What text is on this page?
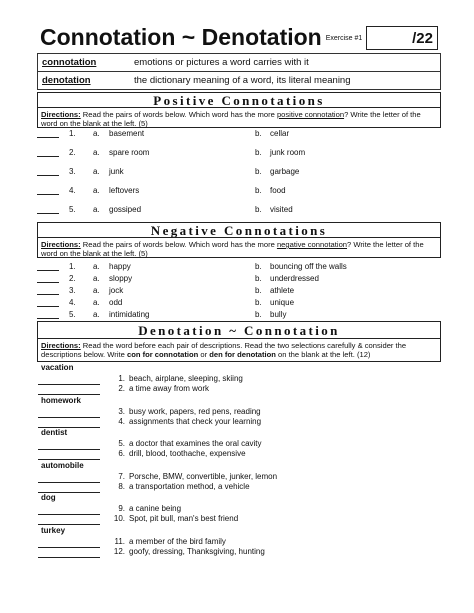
Connotation ~ Denotation Exercise #1	/22
connotation	emotions or pictures a word carries with it
denotation	the dictionary meaning of a word, its literal meaning
Positive Connotations
Directions: Read the pairs of words below. Which word has the more positive connotation? Write the letter of the word on the blank at the left. (5)
1. a. basement	b. cellar
2. a. spare room	b. junk room
3. a. junk	b. garbage
4. a. leftovers	b. food
5. a. gossiped	b. visited
Negative Connotations
Directions: Read the pairs of words below. Which word has the more negative connotation? Write the letter of the word on the blank at the left. (5)
1. a. happy	b. bouncing off the walls
2. a. sloppy	b. underdressed
3. a. jock	b. athlete
4. a. odd	b. unique
5. a. intimidating	b. bully
Denotation ~ Connotation
Directions: Read the word before each pair of descriptions. Read the two selections carefully & consider the descriptions below. Write con for connotation or den for denotation on the blank at the left. (12)
vacation
1. beach, airplane, sleeping, skiing
2. a time away from work
homework
3. busy work, papers, red pens, reading
4. assignments that check your learning
dentist
5. a doctor that examines the oral cavity
6. drill, blood, toothache, expensive
automobile
7. Porsche, BMW, convertible, junker, lemon
8. a transportation method, a vehicle
dog
9. a canine being
10. Spot, pit bull, man's best friend
turkey
11. a member of the bird family
12. goofy, dressing, Thanksgiving, hunting
